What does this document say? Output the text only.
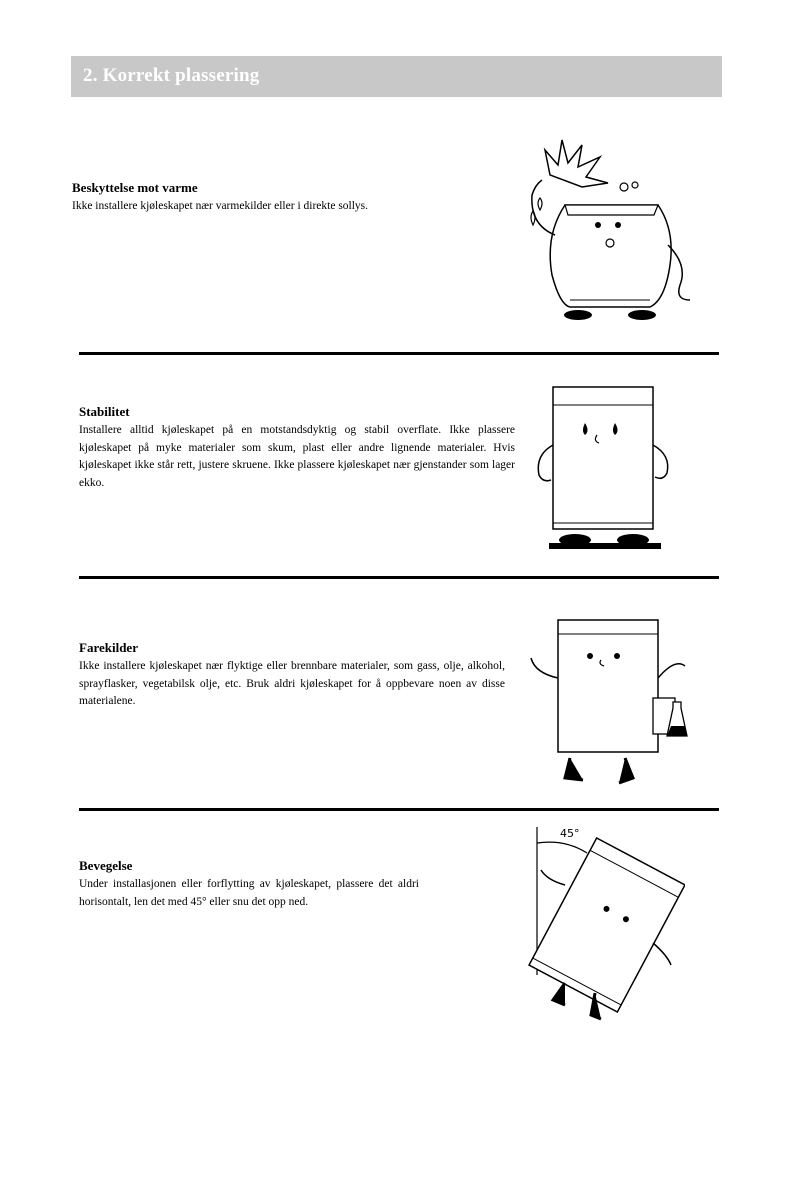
2. Korrekt plassering

Beskyttelse mot varme

Ikke installere kjøleskapet nær varmekilder eller i direkte sollys.

Stabilitet

Installere alltid kjøleskapet på en motstandsdyktig og stabil overflate. Ikke plassere kjøleskapet på myke materialer som skum, plast eller andre lignende materialer. Hvis kjøleskapet ikke står rett, justere skruene. Ikke plassere kjøleskapet nær gjenstander som lager ekko.

Farekilder

Ikke installere kjøleskapet nær flyktige eller brennbare materialer, som gass, olje, alkohol, sprayflasker, vegetabilsk olje, etc. Bruk aldri kjøleskapet for å oppbevare noen av disse materialene.

Bevegelse

Under installasjonen eller forflytting av kjøleskapet, plassere det aldri horisontalt, len det med 45° eller snu det opp ned.

45°
